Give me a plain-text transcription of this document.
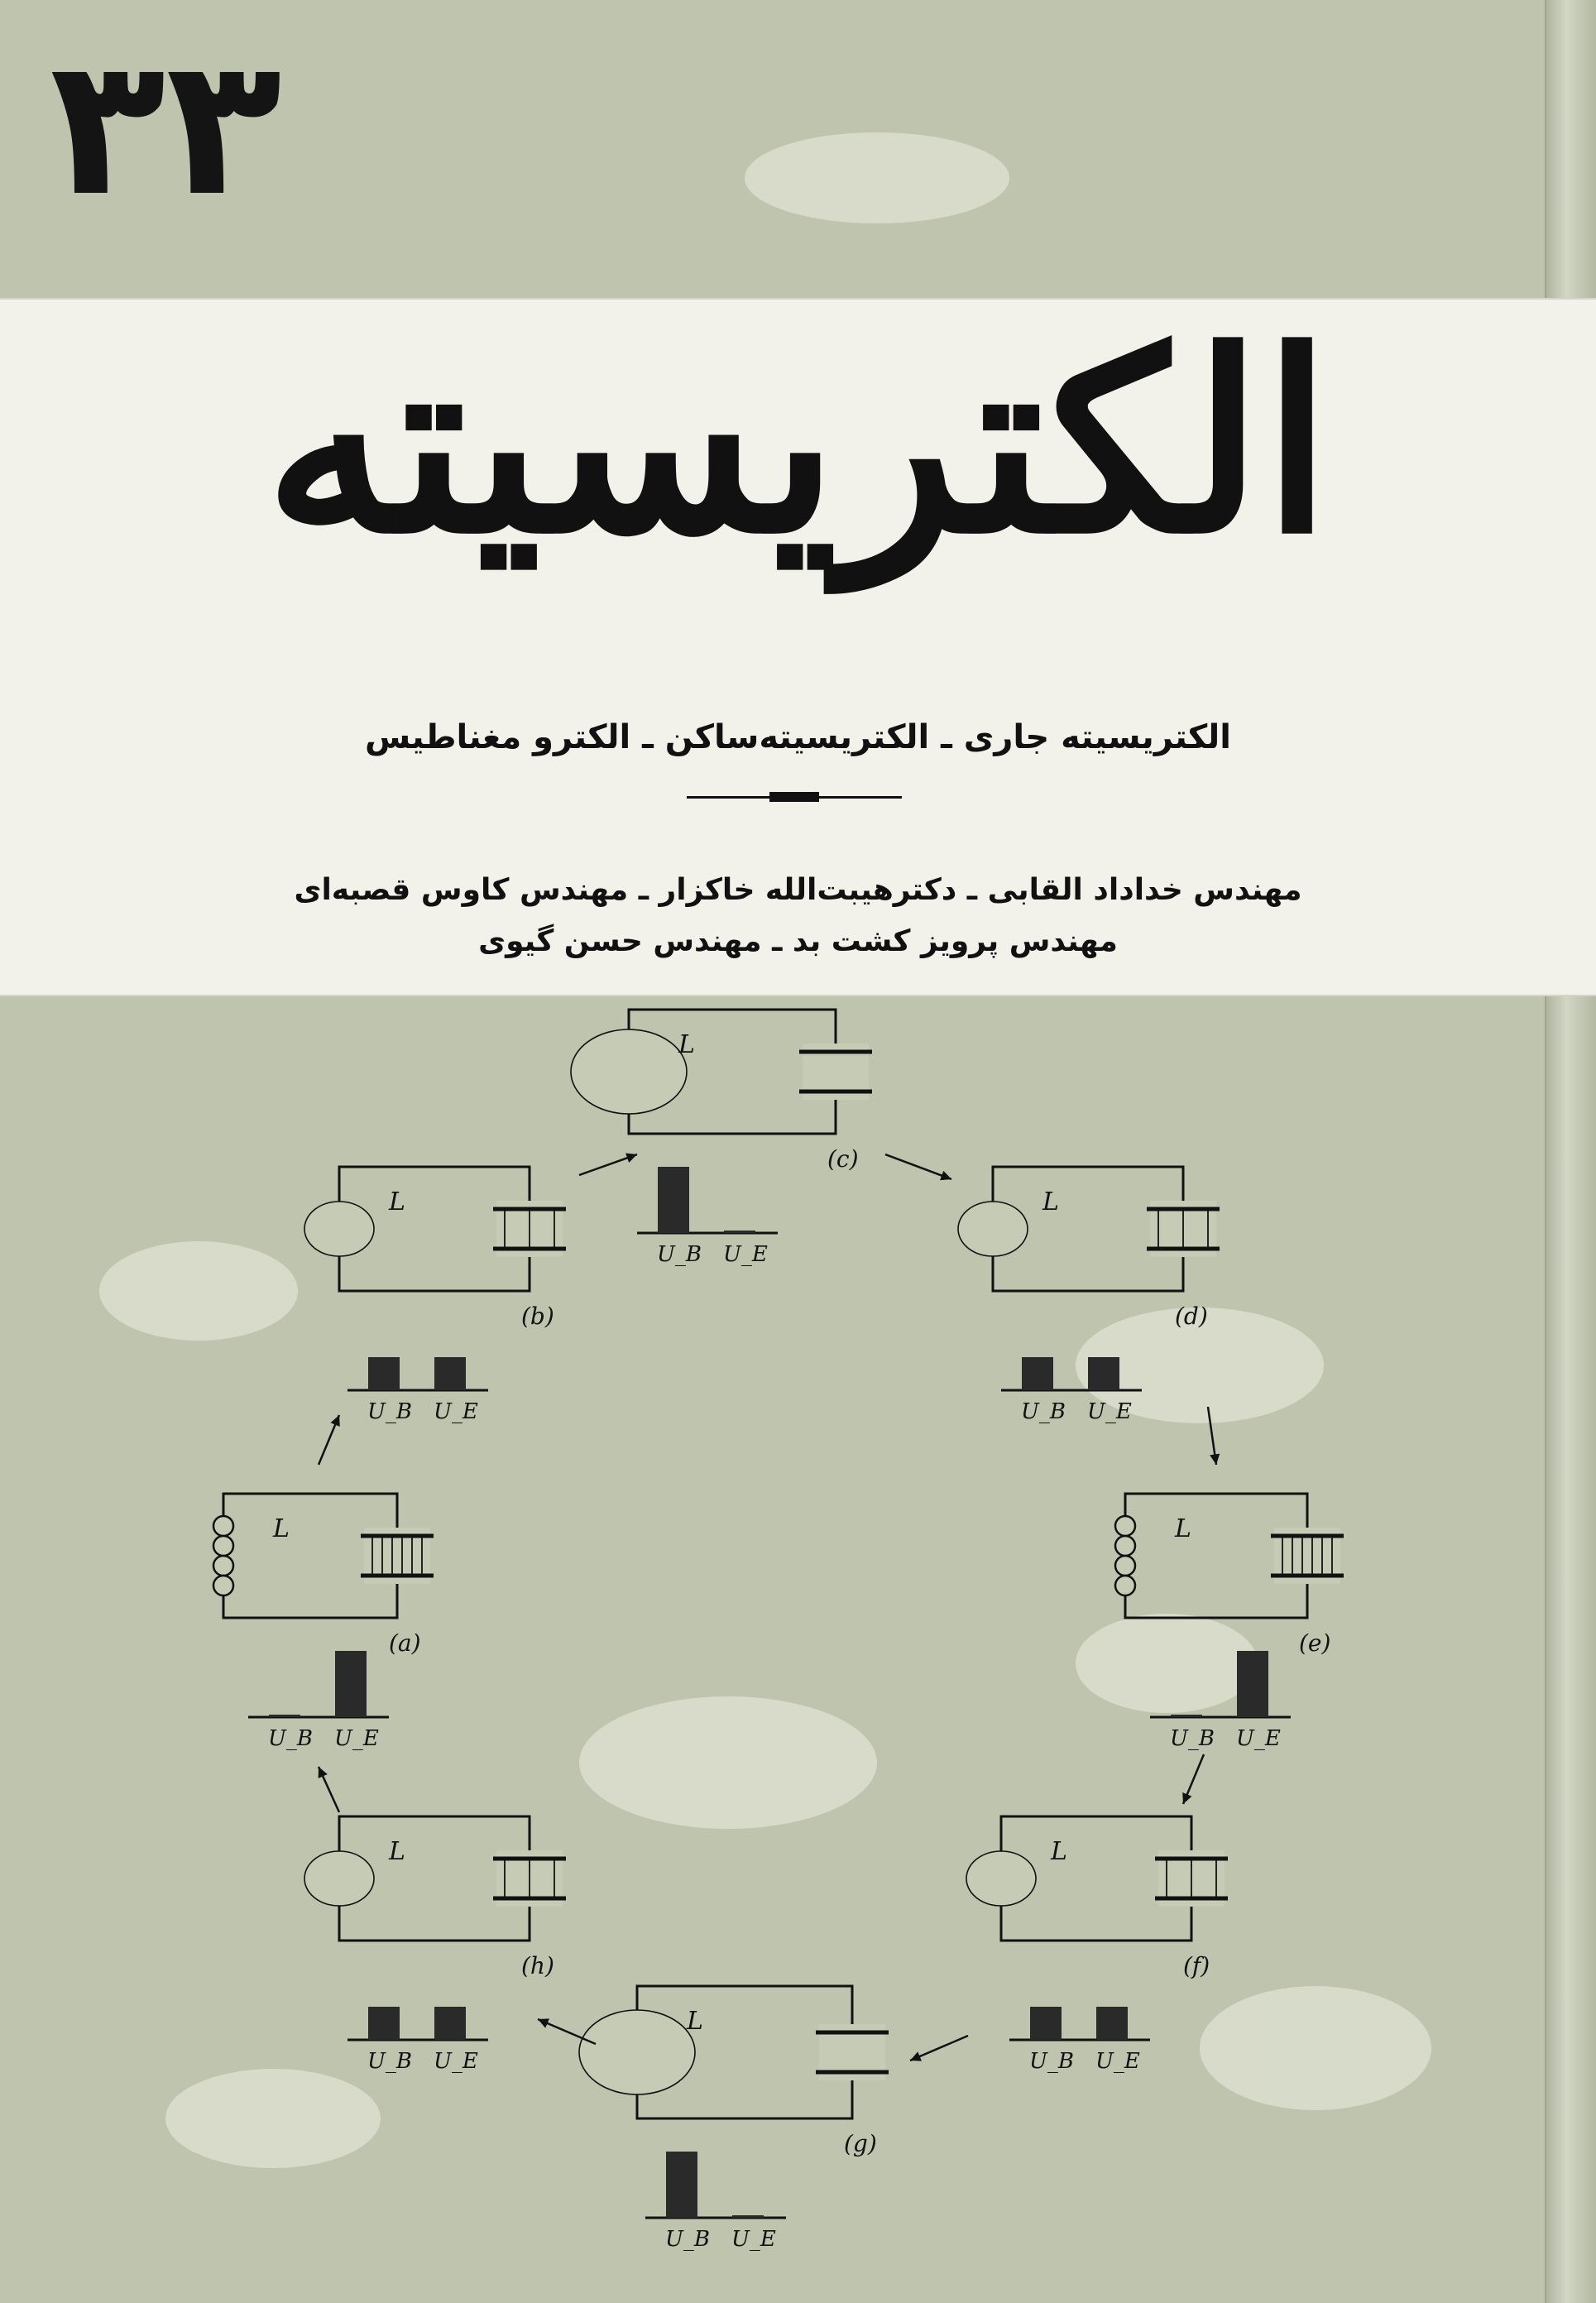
۳۳
الکتریسیته
الکتریسیته جاری ـ الکتریسیته‌ساکن ـ الکترو مغناطیس
مهندس خداداد القابی ـ دکترهیبت‌الله خاکزار ـ مهندس کاوس قصبه‌ای
مهندس پرویز کشت بد ـ مهندس حسن گیوی
L
(a)
U_B U_E
L
(b)
U_B U_E
L
(c)
U_B U_E
L
(d)
U_B U_E
L
(e)
U_B U_E
L
(f)
U_B U_E
L
(g)
U_B U_E
L
(h)
U_B U_E
